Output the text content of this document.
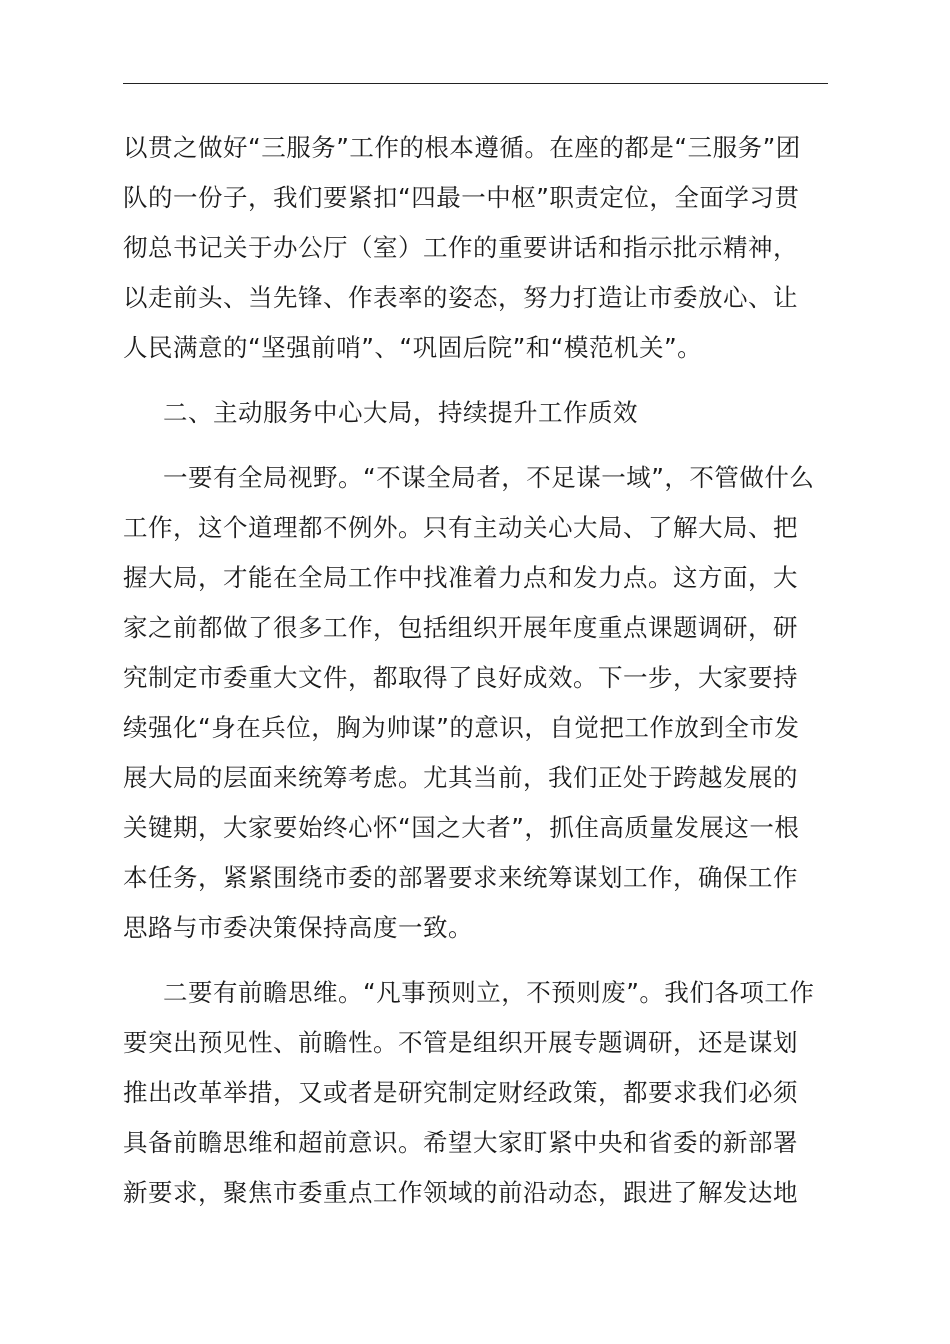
以贯之做好“三服务”工作的根本遵循。在座的都是“三服务”团

队的一份子，我们要紧扣“四最一中枢”职责定位，全面学习贯

彻总书记关于办公厅（室）工作的重要讲话和指示批示精神，

以走前头、当先锋、作表率的姿态，努力打造让市委放心、让

人民满意的“坚强前哨”、“巩固后院”和“模范机关”。

二、主动服务中心大局，持续提升工作质效

一要有全局视野。“不谋全局者，不足谋一域”，不管做什么

工作，这个道理都不例外。只有主动关心大局、了解大局、把

握大局，才能在全局工作中找准着力点和发力点。这方面，大

家之前都做了很多工作，包括组织开展年度重点课题调研，研

究制定市委重大文件，都取得了良好成效。下一步，大家要持

续强化“身在兵位，胸为帅谋”的意识，自觉把工作放到全市发

展大局的层面来统筹考虑。尤其当前，我们正处于跨越发展的

关键期，大家要始终心怀“国之大者”，抓住高质量发展这一根

本任务，紧紧围绕市委的部署要求来统筹谋划工作，确保工作

思路与市委决策保持高度一致。

二要有前瞻思维。“凡事预则立，不预则废”。我们各项工作

要突出预见性、前瞻性。不管是组织开展专题调研，还是谋划

推出改革举措，又或者是研究制定财经政策，都要求我们必须

具备前瞻思维和超前意识。希望大家盯紧中央和省委的新部署

新要求，聚焦市委重点工作领域的前沿动态，跟进了解发达地
